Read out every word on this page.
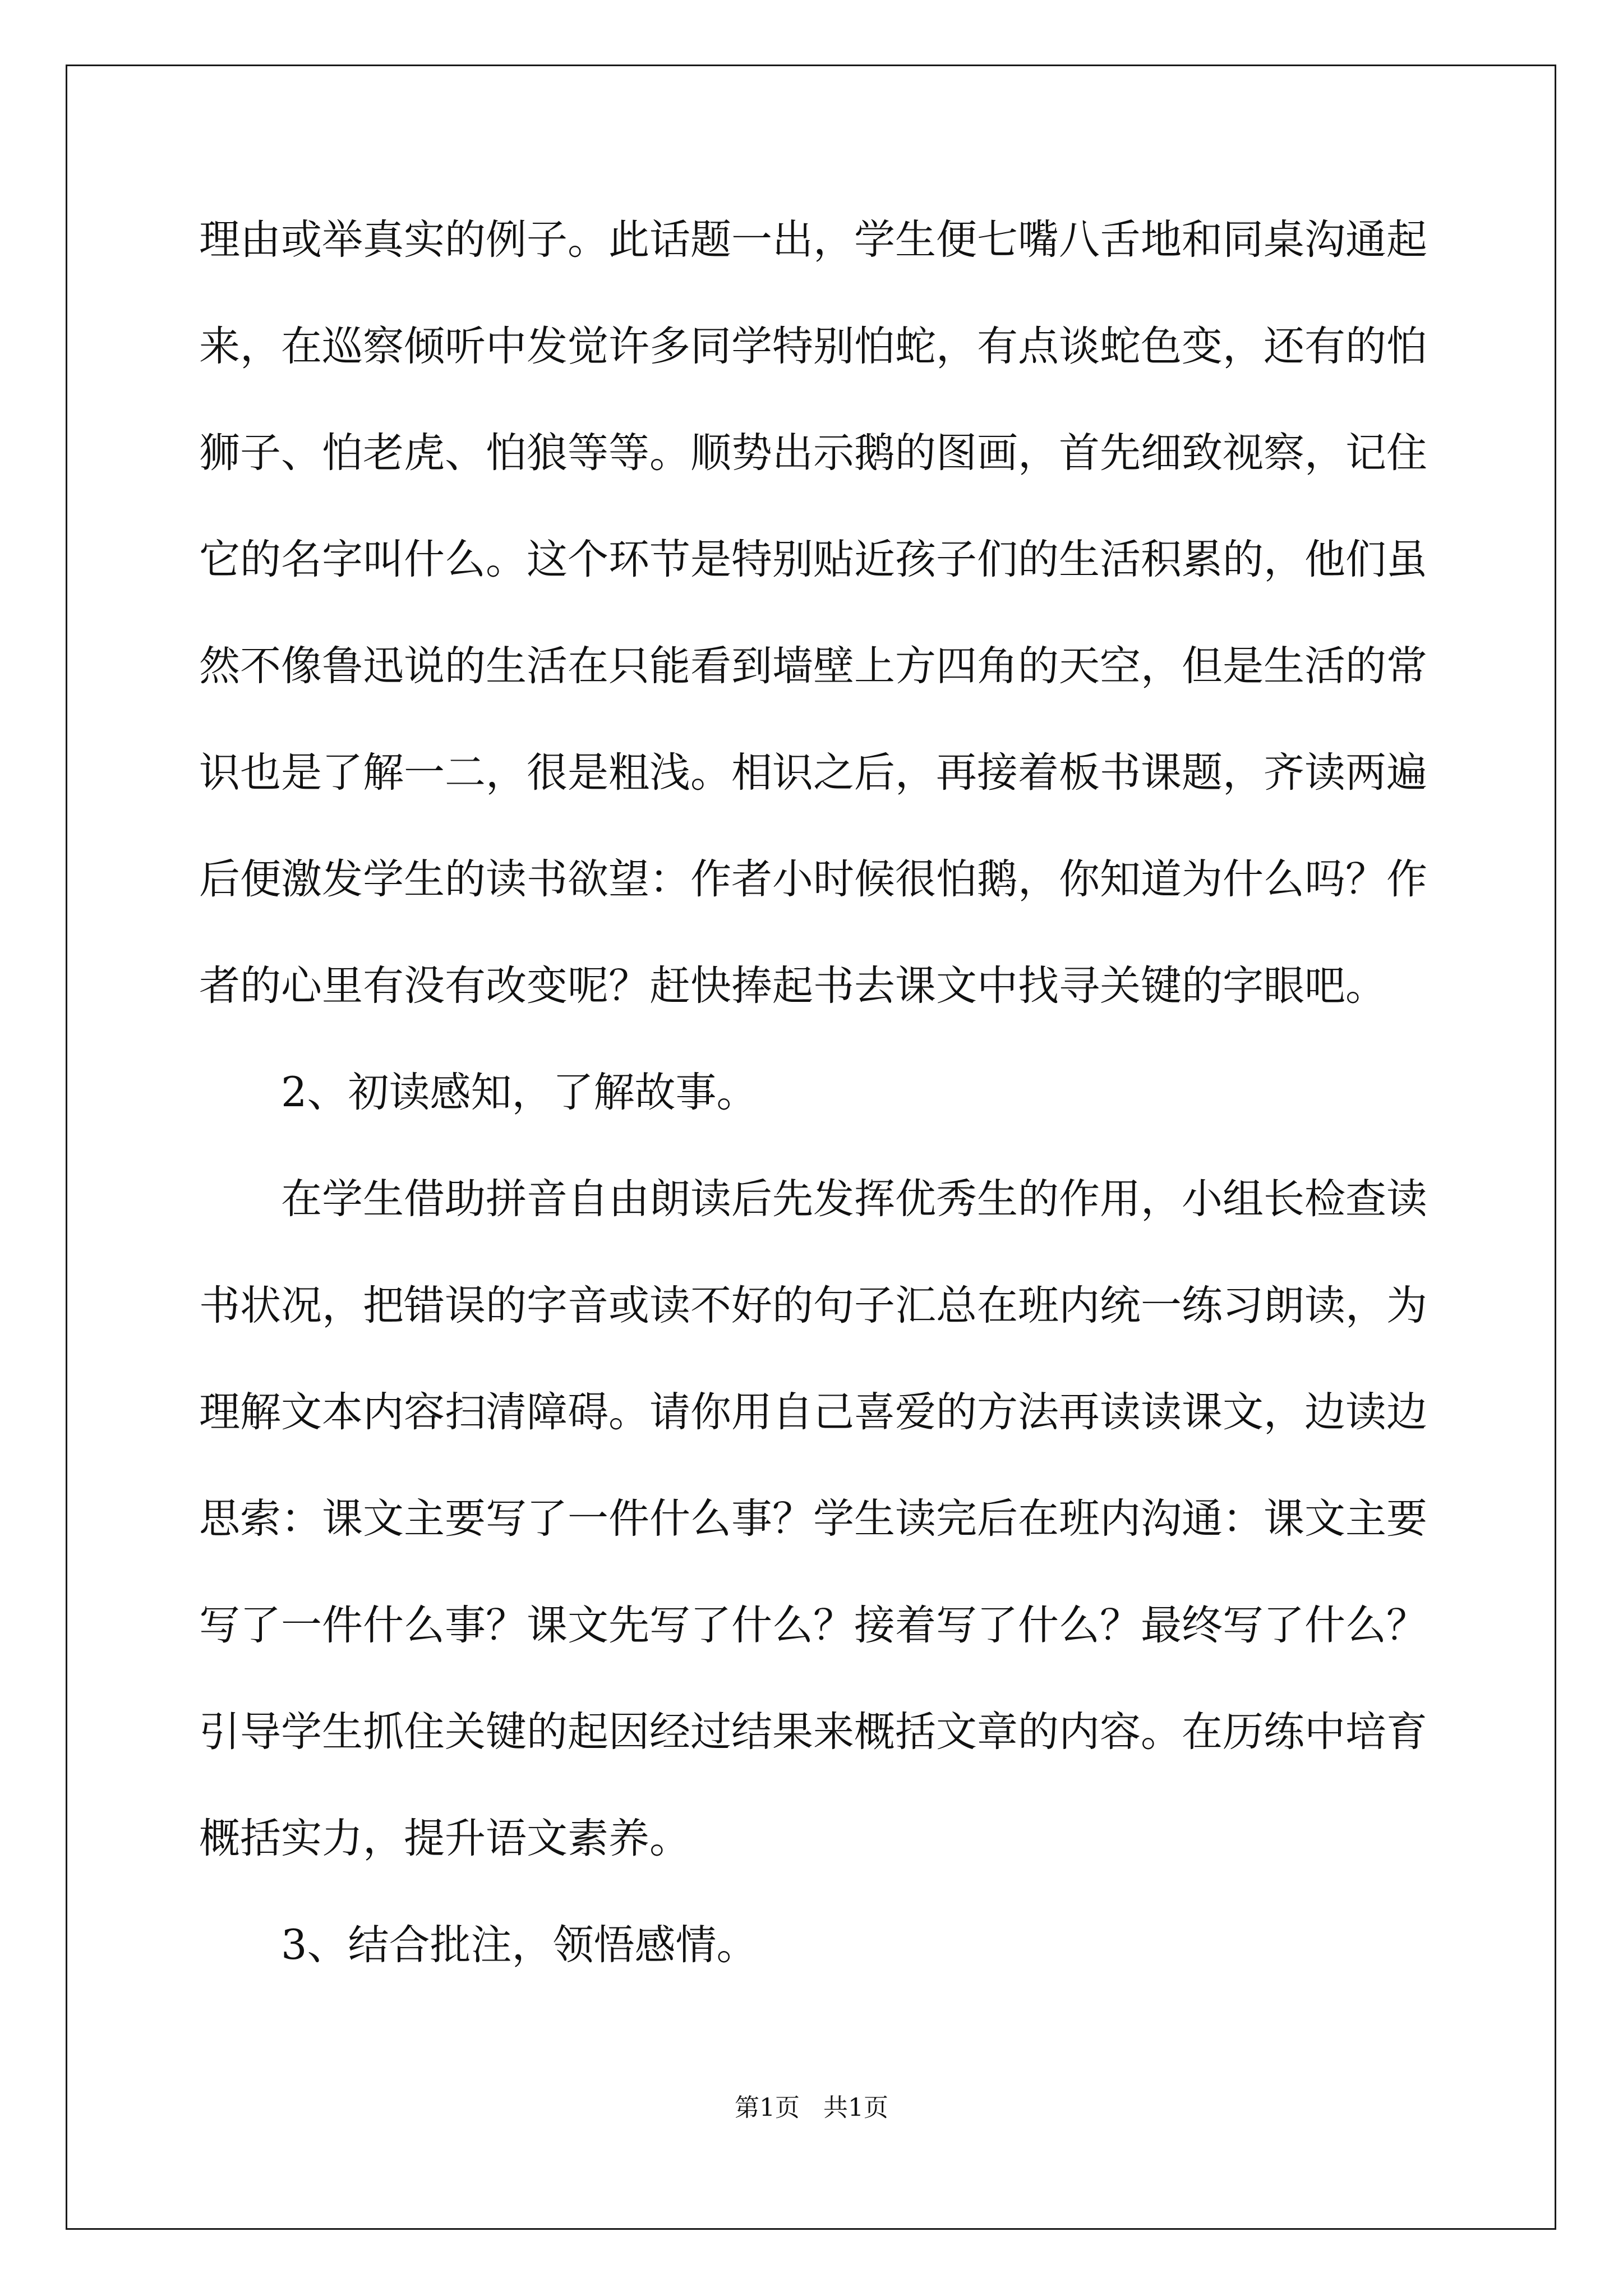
理由或举真实的例子。此话题一出，学生便七嘴八舌地和同桌沟通起
来，在巡察倾听中发觉许多同学特别怕蛇，有点谈蛇色变，还有的怕
狮子、怕老虎、怕狼等等。顺势出示鹅的图画，首先细致视察，记住
它的名字叫什么。这个环节是特别贴近孩子们的生活积累的，他们虽
然不像鲁迅说的生活在只能看到墙壁上方四角的天空，但是生活的常
识也是了解一二，很是粗浅。相识之后，再接着板书课题，齐读两遍
后便激发学生的读书欲望：作者小时候很怕鹅，你知道为什么吗？作
者的心里有没有改变呢？赶快捧起书去课文中找寻关键的字眼吧。
2、初读感知，了解故事。
在学生借助拼音自由朗读后先发挥优秀生的作用，小组长检查读
书状况，把错误的字音或读不好的句子汇总在班内统一练习朗读，为
理解文本内容扫清障碍。请你用自己喜爱的方法再读读课文，边读边
思索：课文主要写了一件什么事？学生读完后在班内沟通：课文主要
写了一件什么事？课文先写了什么？接着写了什么？最终写了什么？
引导学生抓住关键的起因经过结果来概括文章的内容。在历练中培育
概括实力，提升语文素养。
3、结合批注，领悟感情。
第1页 共1页
